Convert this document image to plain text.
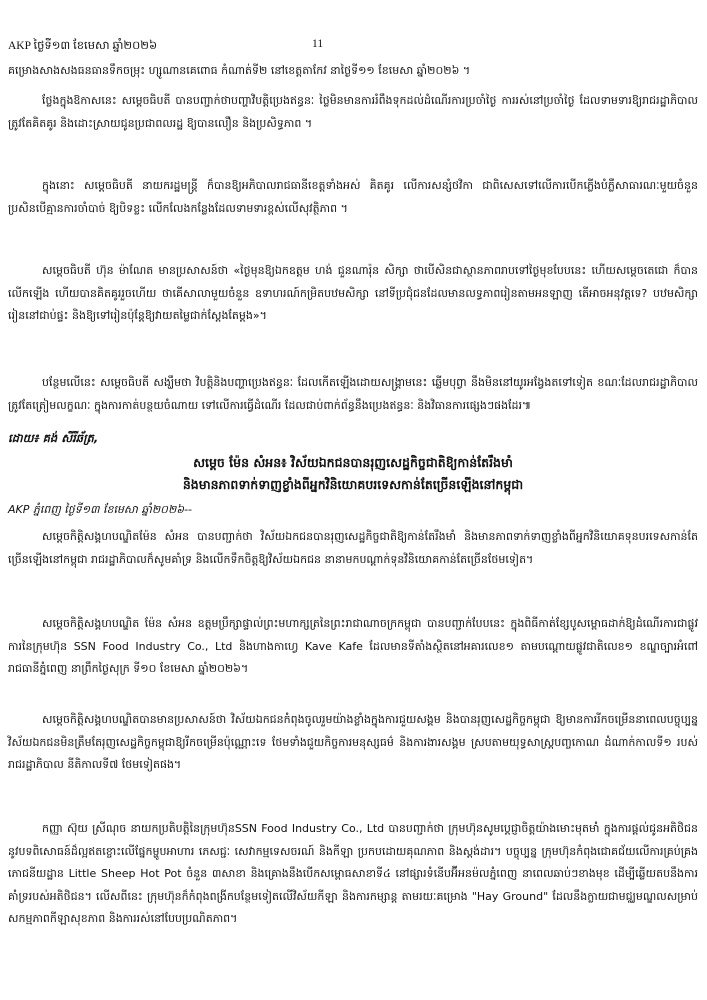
AKP ថ្ងៃទី១៣ ខែមេសា ឆ្នាំ២០២៦	11
គម្រោងសាងសងធនធានទឹកចម្រុះ ហ្សូណានគេពោធ កំណាត់ទី២ នៅខេត្តតាកែវ នាថ្ងៃទី១១ ខែមេសា ឆ្នាំ២០២៦ ។
ថ្លែងក្នុងឱកាសនេះ សម្តេចធិបតី បានបញ្ជាក់ថាបញ្ហាវិបត្តិប្រេងឥន្ធនៈ ថ្លៃមិនមានការរំពឹងទុកដល់ដំណើរការប្រចាំថ្ងៃ ការរស់នៅប្រចាំថ្ងៃ ដែលទាមទារឱ្យរាជរដ្ឋាភិបាល ត្រូវតែគិតគូរ និងដោះស្រាយជូនប្រជាពលរដ្ឋ ឱ្យបានលឿន និងប្រសិទ្ធភាព ។
ក្នុងនោះ សម្តេចធិបតី នាយករដ្ឋមន្ត្រី ក៏បានឱ្យអភិបាលរាជធានីខេត្តទាំងអស់ គិតគូរ លើការសន្សំថវិកា ជាពិសេសទៅលើការបើកភ្លើងបំភ្លឺសាធារណៈមួយចំនួន ប្រសិនបើគ្មានការចាំបាច់ ឱ្យបិទខ្លះ លើកលែងកន្លែងដែលទាមទារខ្ពស់លើសុវត្ថិភាព ។
សម្តេចធិបតី ហ៊ុន ម៉ាណែត មានប្រសាសន៍ថា «ថ្ងៃមុនឱ្យឯកឧត្តម ហង់ ជួនណារ៉ុន សិក្សា ថាបើសិនជាស្ថានភាពរាបទៅថ្ងៃមុខបែបនេះ ហើយសម្តេចតេជោ ក៏បានលើកឡើង ហើយបានគិតគូររួចហើយ ថាគើសាលាមួយចំនួន ឧទាហរណ៍កម្រិតបឋមសិក្សា នៅទីប្រជុំជនដែលមានលទ្ធភាពរៀនតាមអនឡាញ តើអាចអនុវត្តទេ? បឋមសិក្សារៀននៅជាប់ផ្ទះ និងឱ្យទៅរៀនប៉ុន្តែឱ្យវាយតម្លៃជាក់ស្តែងតែម្តង»។
បន្ថែមលើនេះ សម្តេចធិបតី សង្ឃឹមថា វិបត្តិនិងបញ្ហាប្រេងឥន្ធនៈ ដែលកើតឡើងដោយសង្គ្រាមនេះ ឆ្លើមបុព្វា នឹងមិននៅយូរអង្វែងតទៅទៀត ខណៈដែលរាជរដ្ឋាភិបាល ត្រូវតែត្រៀមលក្ខណៈ ក្នុងការកាត់បន្ថយចំណាយ ទៅលើការធ្វើដំណើរ ដែលជាប់ពាក់ព័ន្ធនឹងប្រេងឥន្ធនៈ និងវិធានការផ្សេងៗផងដែរ៕
ដោយ៖ គង់ សីរីឆ័ត្រ,
សម្តេច ម៉ែន សំអន៖ វិស័យឯកជនបានរុញសេដ្ឋកិច្ចជាតិឱ្យកាន់តែរឹងមាំ
និងមានភាពទាក់ទាញខ្លាំងពីអ្នកវិនិយោគបរទេសកាន់តែច្រើនឡើងនៅកម្ពុជា
AKP ភ្នំពេញ ថ្ងៃទី១៣ ខែមេសា ឆ្នាំ២០២៦--
សម្តេចកិត្តិសង្គហបណ្ឌិតម៉ែន សំអន បានបញ្ជាក់ថា វិស័យឯកជនបានរុញសេដ្ឋកិច្ចជាតិឱ្យកាន់តែរឹងមាំ និងមានភាពទាក់ទាញខ្លាំងពីអ្នកវិនិយោគទុនបរទេសកាន់តែច្រើនឡើងនៅកម្ពុជា រាជរដ្ឋាភិបាលក៏សូមគាំទ្រ និងលើកទឹកចិត្តឱ្យវិស័យឯកជន នានាមកបណ្តាក់ទុនវិនិយោគកាន់តែច្រើនថែមទៀត។
សម្តេចកិត្តិសង្គហបណ្ឌិត ម៉ែន សំអន ឧត្តមប្រឹក្សាផ្ទាល់ព្រះមហាក្សត្រនៃព្រះរាជាណាចក្រកម្ពុជា បានបញ្ជាក់បែបនេះ ក្នុងពិធីកាត់ខ្សែបូសម្ពោធដាក់ឱ្យដំណើរការជាផ្លូវការនៃក្រុមហ៊ុន SSN Food Industry Co., Ltd និងហាងកាហ្វេ Kave Kafe ដែលមានទីតាំងស្ថិតនៅអគារលេខ១ តាមបណ្តោយផ្លូវជាតិលេខ១ ខណ្ឌច្បារអំពៅ រាជធានីភ្នំពេញ នាព្រឹកថ្ងៃសុក្រ ទី១០ ខែមេសា ឆ្នាំ២០២៦។
សម្តេចកិត្តិសង្គហបណ្ឌិតបានមានប្រសាសន៍ថា វិស័យឯកជនកំពុងចូលរួមយ៉ាងខ្លាំងក្នុងការជួយសង្គម និងបានរុញសេដ្ឋកិច្ចកម្ពុជា ឱ្យមានការរីកចម្រើននាពេលបច្ចុប្បន្ន វិស័យឯកជនមិនត្រឹមតែរុញសេដ្ឋកិច្ចកម្ពុជាឱ្យរីកចម្រើនប៉ុណ្ណោះទេ ថែមទាំងជួយកិច្ចការមនុស្សធម៌ និងការងារសង្គម ស្របតាមយុទ្ធសាស្ត្របញ្ចកោណ ដំណាក់កាលទី១ របស់រាជរដ្ឋាភិបាល នីតិកាលទី៧ ថែមទៀតផង។
កញ្ញា ស៊ុយ ស្រីណុច នាយកប្រតិបត្តិនៃក្រុមហ៊ុនSSN Food Industry Co., Ltd បានបញ្ជាក់ថា ក្រុមហ៊ុនសូមប្តេជ្ញាចិត្តយ៉ាងមោះមុតមាំ ក្នុងការផ្តល់ជូនអតិថិជននូវបទពិសោធន៍ដ៏ល្អឥតខ្ចោះលើផ្នែកម្ហូបអាហារ ភេសជ្ជៈ សេវាកម្មទេសចរណ៍ និងកីឡា ប្រកបដោយគុណភាព និងស្តង់ដារ។ បច្ចុប្បន្ន ក្រុមហ៊ុនកំពុងជោគជ័យលើការគ្រប់គ្រងភោជនីយដ្ឋាន Little Sheep Hot Pot ចំនួន ៣សាខា និងគ្រោងនឹងបើកសម្ពោធសាខាទី៤ នៅផ្សារទំនើបអ៊ីអនម៉លភ្នំពេញ នាពេលឆាប់ៗខាងមុខ ដើម្បីឆ្លើយតបនឹងការគាំទ្ររបស់អតិថិជន។ លើសពីនេះ ក្រុមហ៊ុនក៏កំពុងពង្រីកបន្ថែមទៀតលើវិស័យកីឡា និងការកម្សាន្ត តាមរយៈគម្រោង "Hay Ground" ដែលនឹងក្លាយជាមជ្ឈមណ្ឌលសម្រាប់សកម្មភាពកីឡាសុខភាព និងការរស់នៅបែបប្រណិតភាព។
